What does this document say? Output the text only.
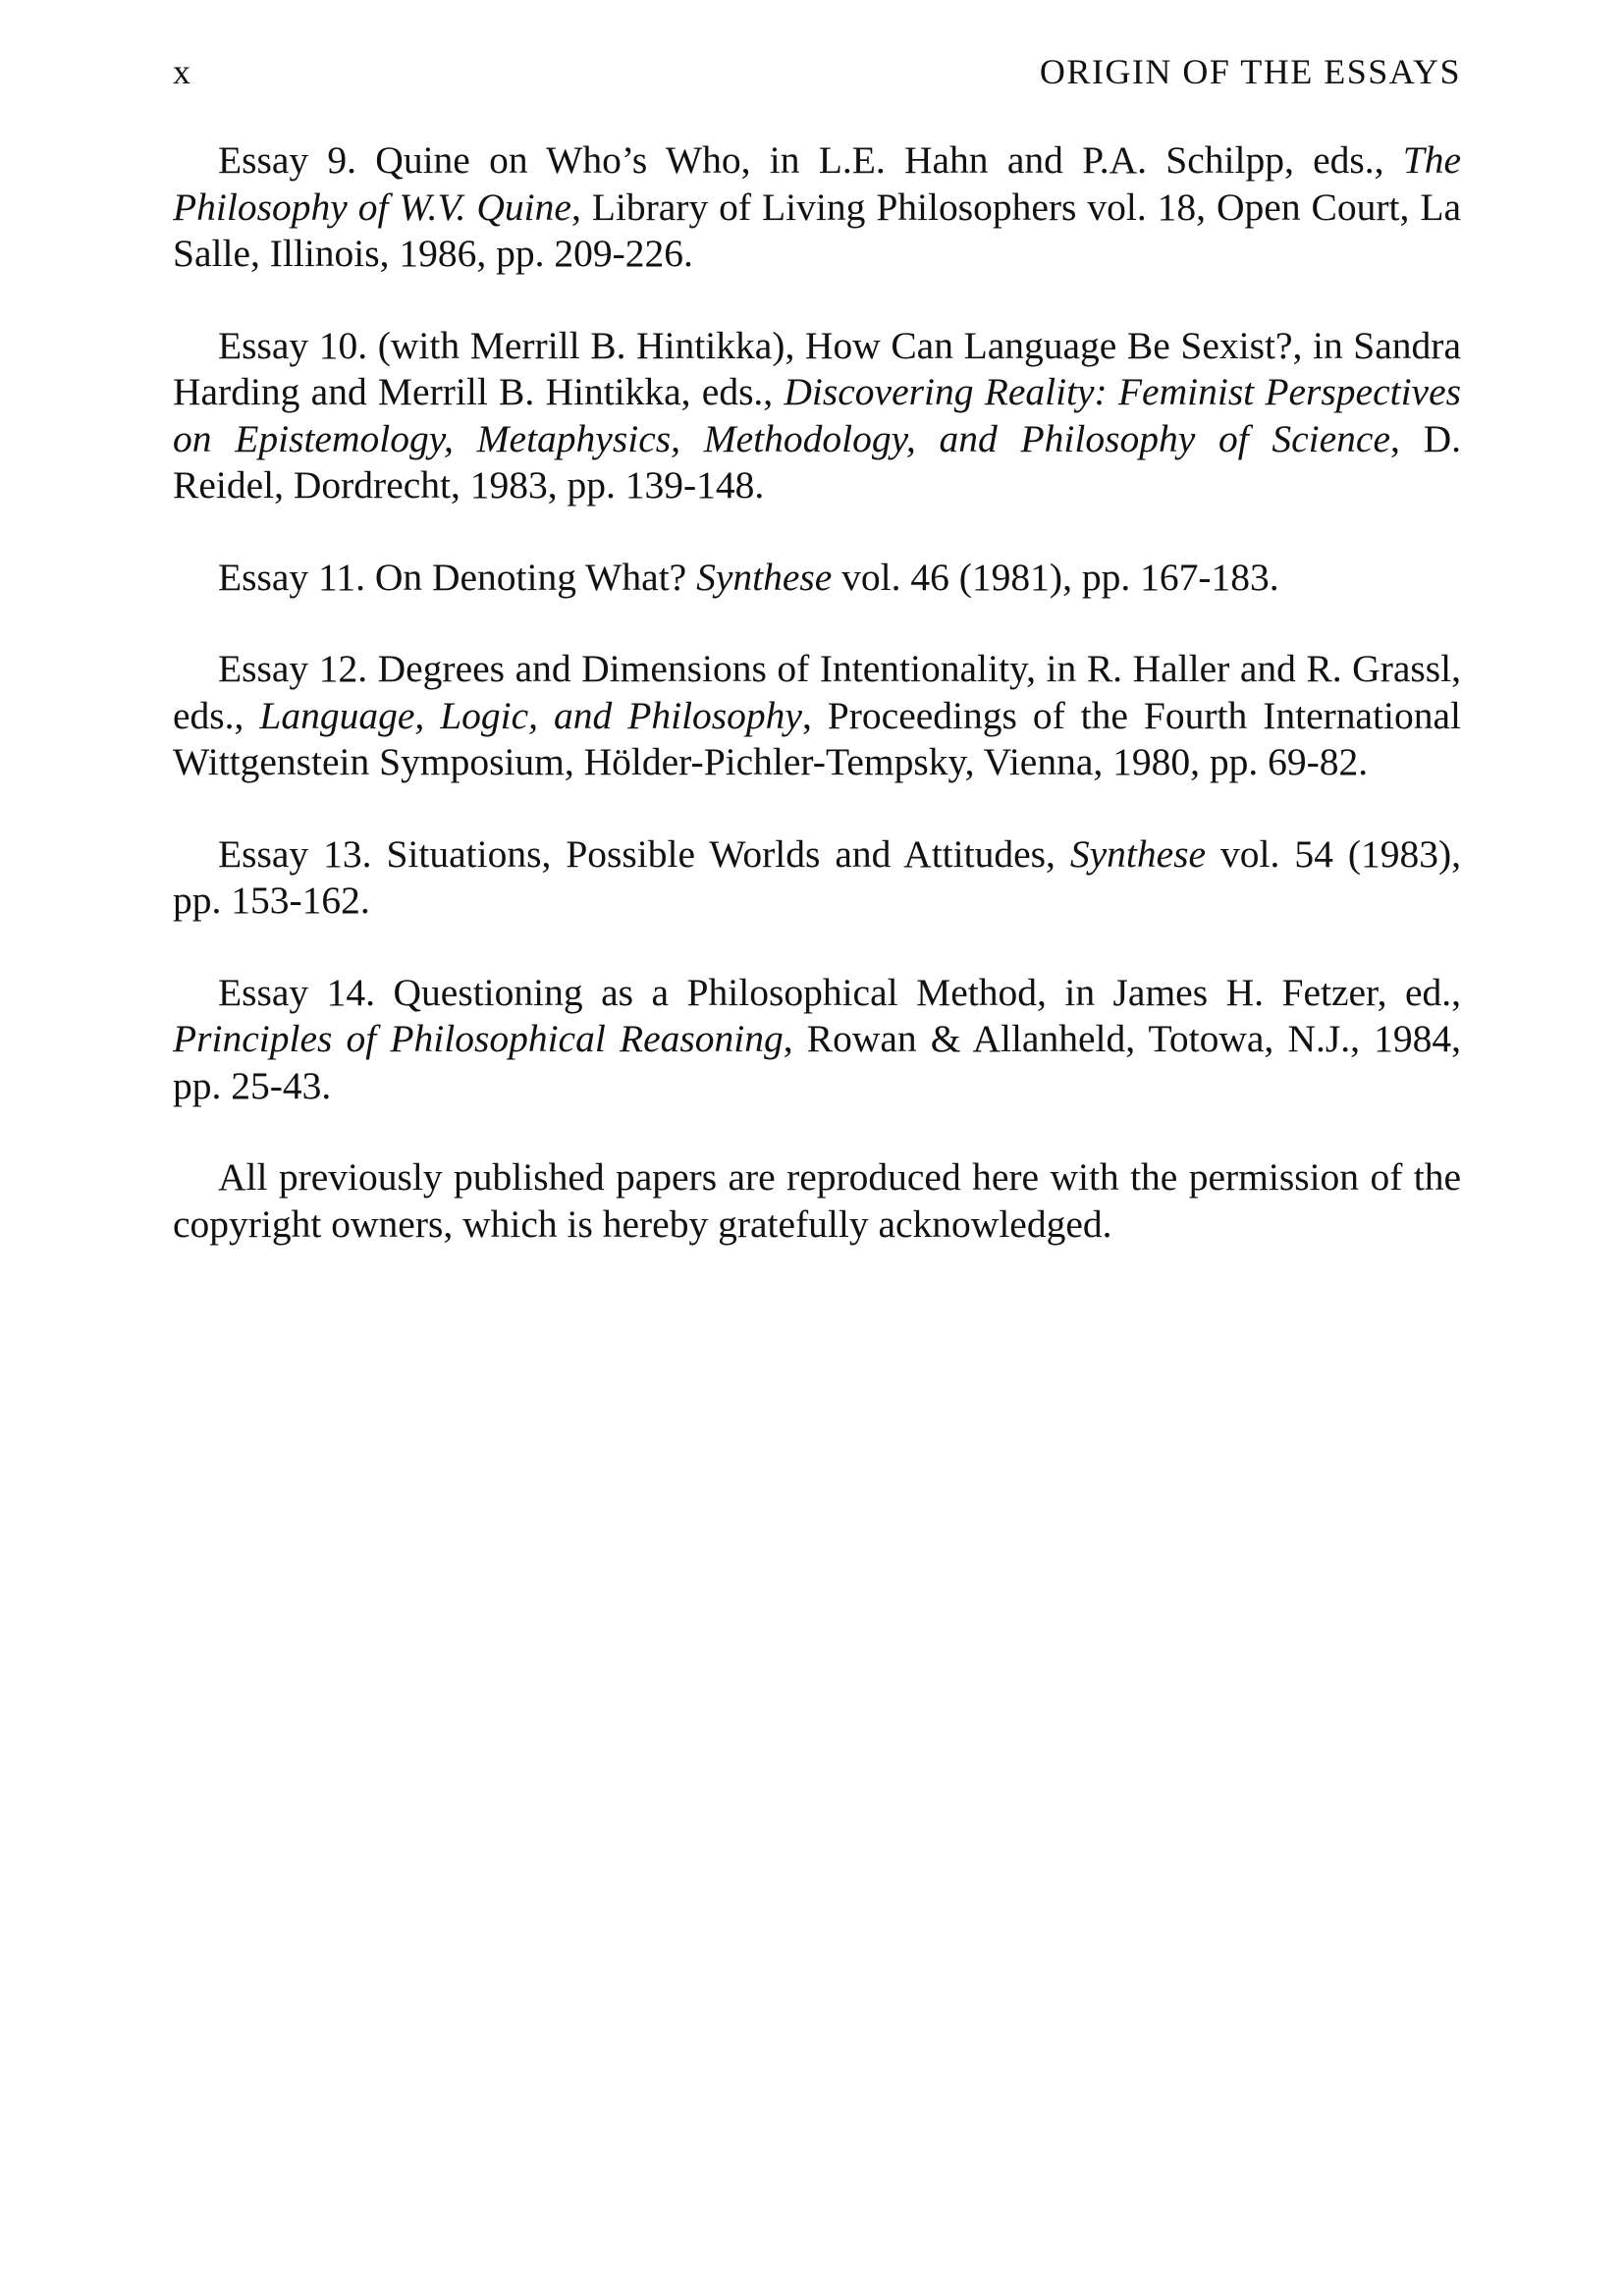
x	ORIGIN OF THE ESSAYS

Essay 9. Quine on Who’s Who, in L.E. Hahn and P.A. Schilpp, eds., The Philosophy of W.V. Quine, Library of Living Philosophers vol. 18, Open Court, La Salle, Illinois, 1986, pp. 209-226.

Essay 10. (with Merrill B. Hintikka), How Can Language Be Sexist?, in Sandra Harding and Merrill B. Hintikka, eds., Discovering Reality: Feminist Perspectives on Epistemology, Metaphysics, Methodology, and Philosophy of Science, D. Reidel, Dordrecht, 1983, pp. 139-148.

Essay 11. On Denoting What? Synthese vol. 46 (1981), pp. 167-183.

Essay 12. Degrees and Dimensions of Intentionality, in R. Haller and R. Grassl, eds., Language, Logic, and Philosophy, Proceedings of the Fourth International Wittgenstein Symposium, Hölder-Pichler-Tempsky, Vienna, 1980, pp. 69-82.

Essay 13. Situations, Possible Worlds and Attitudes, Synthese vol. 54 (1983), pp. 153-162.

Essay 14. Questioning as a Philosophical Method, in James H. Fetzer, ed., Principles of Philosophical Reasoning, Rowan & Allanheld, Totowa, N.J., 1984, pp. 25-43.

All previously published papers are reproduced here with the permission of the copyright owners, which is hereby gratefully acknowledged.
